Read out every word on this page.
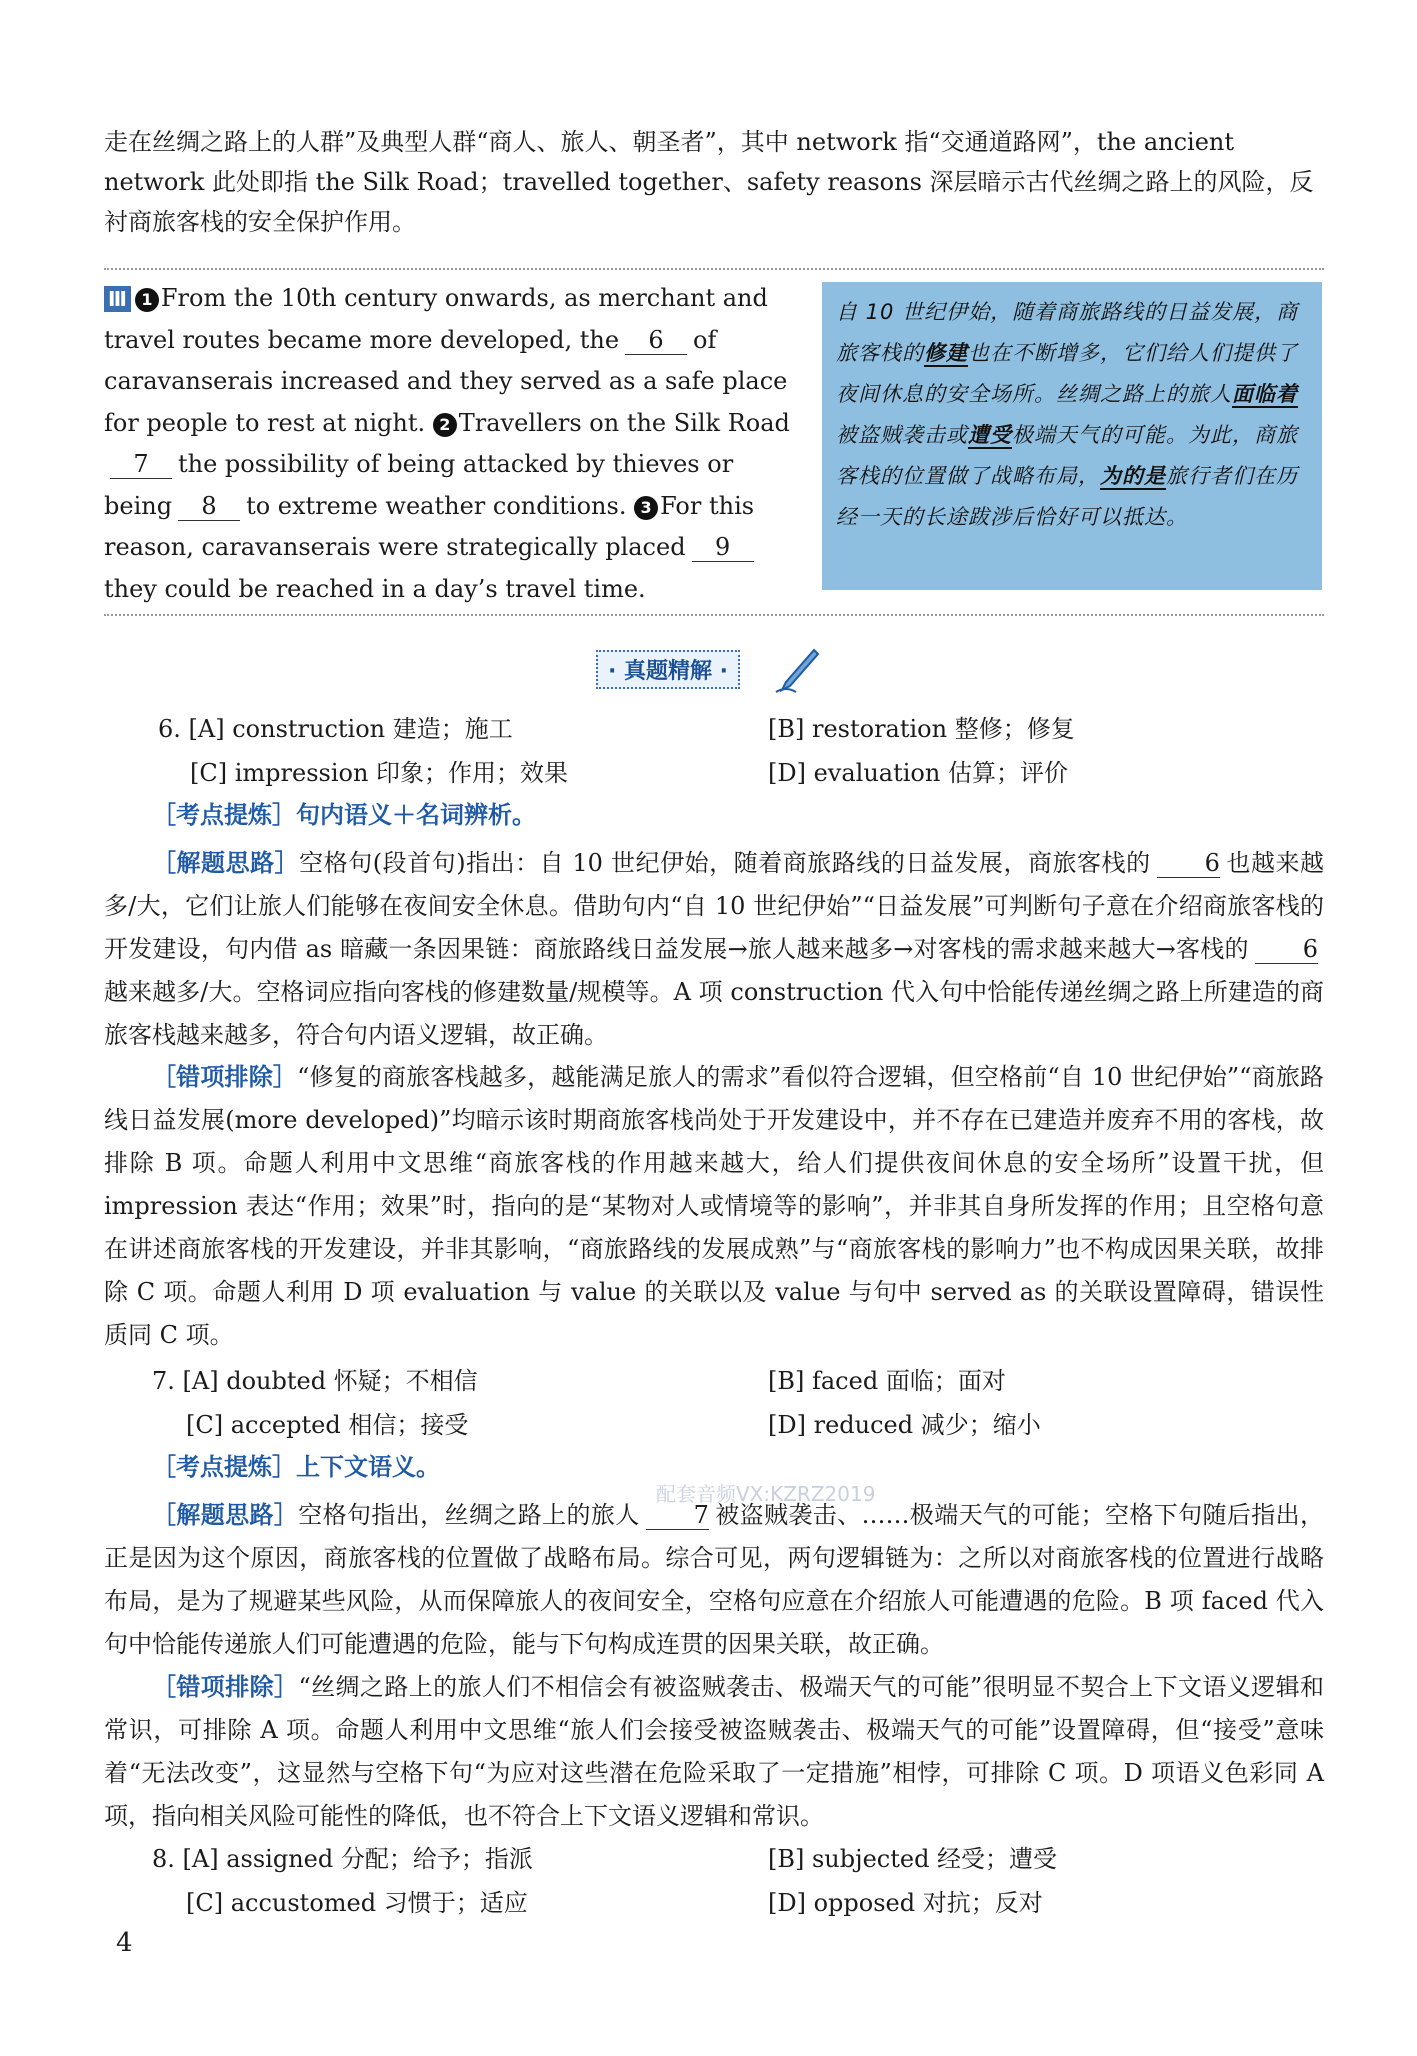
走在丝绸之路上的人群”及典型人群“商人、旅人、朝圣者”，其中 network 指“交通道路网”，the ancient network 此处即指 the Silk Road；travelled together、safety reasons 深层暗示古代丝绸之路上的风险，反衬商旅客栈的安全保护作用。

Ⅲ 1 From the 10th century onwards, as merchant and travel routes became more developed, the 6 of caravanserais increased and they served as a safe place for people to rest at night. 2 Travellers on the Silk Road7 the possibility of being attacked by thieves or being 8 to extreme weather conditions. 3 For this reason, caravanserais were strategically placed 9they could be reached in a day’s travel time.
自 10 世纪伊始，随着商旅路线的日益发展，商旅客栈的修建也在不断增多，它们给人们提供了夜间休息的安全场所。丝绸之路上的旅人面临着被盗贼袭击或遭受极端天气的可能。为此，商旅客栈的位置做了战略布局，为的是旅行者们在历经一天的长途跋涉后恰好可以抵达。
· 真题精解 ·
6. [A] construction 建造；施工	[B] restoration 整修；修复
[C] impression 印象；作用；效果	[D] evaluation 估算；评价
［考点提炼］句内语义＋名词辨析。

［解题思路］空格句(段首句)指出：自 10 世纪伊始，随着商旅路线的日益发展，商旅客栈的 6 也越来越多/大，它们让旅人们能够在夜间安全休息。借助句内“自 10 世纪伊始”“日益发展”可判断句子意在介绍商旅客栈的开发建设，句内借 as 暗藏一条因果链：商旅路线日益发展→旅人越来越多→对客栈的需求越来越大→客栈的 6越来越多/大。空格词应指向客栈的修建数量/规模等。A 项 construction 代入句中恰能传递丝绸之路上所建造的商旅客栈越来越多，符合句内语义逻辑，故正确。

［错项排除］“修复的商旅客栈越多，越能满足旅人的需求”看似符合逻辑，但空格前“自 10 世纪伊始”“商旅路线日益发展(more developed)”均暗示该时期商旅客栈尚处于开发建设中，并不存在已建造并废弃不用的客栈，故排除 B 项。命题人利用中文思维“商旅客栈的作用越来越大，给人们提供夜间休息的安全场所”设置干扰，但 impression 表达“作用；效果”时，指向的是“某物对人或情境等的影响”，并非其自身所发挥的作用；且空格句意在讲述商旅客栈的开发建设，并非其影响，“商旅路线的发展成熟”与“商旅客栈的影响力”也不构成因果关联，故排除 C 项。命题人利用 D 项 evaluation 与 value 的关联以及 value 与句中 served as 的关联设置障碍，错误性质同 C 项。

7. [A] doubted 怀疑；不相信	[B] faced 面临；面对
[C] accepted 相信；接受	[D] reduced 减少；缩小
［考点提炼］上下文语义。
配套音频VX:KZRZ2019

［解题思路］空格句指出，丝绸之路上的旅人 7 被盗贼袭击、……极端天气的可能；空格下句随后指出，正是因为这个原因，商旅客栈的位置做了战略布局。综合可见，两句逻辑链为：之所以对商旅客栈的位置进行战略布局，是为了规避某些风险，从而保障旅人的夜间安全，空格句应意在介绍旅人可能遭遇的危险。B 项 faced 代入句中恰能传递旅人们可能遭遇的危险，能与下句构成连贯的因果关联，故正确。

［错项排除］“丝绸之路上的旅人们不相信会有被盗贼袭击、极端天气的可能”很明显不契合上下文语义逻辑和常识，可排除 A 项。命题人利用中文思维“旅人们会接受被盗贼袭击、极端天气的可能”设置障碍，但“接受”意味着“无法改变”，这显然与空格下句“为应对这些潜在危险采取了一定措施”相悖，可排除 C 项。D 项语义色彩同 A 项，指向相关风险可能性的降低，也不符合上下文语义逻辑和常识。

8. [A] assigned 分配；给予；指派	[B] subjected 经受；遭受
[C] accustomed 习惯于；适应	[D] opposed 对抗；反对
4
